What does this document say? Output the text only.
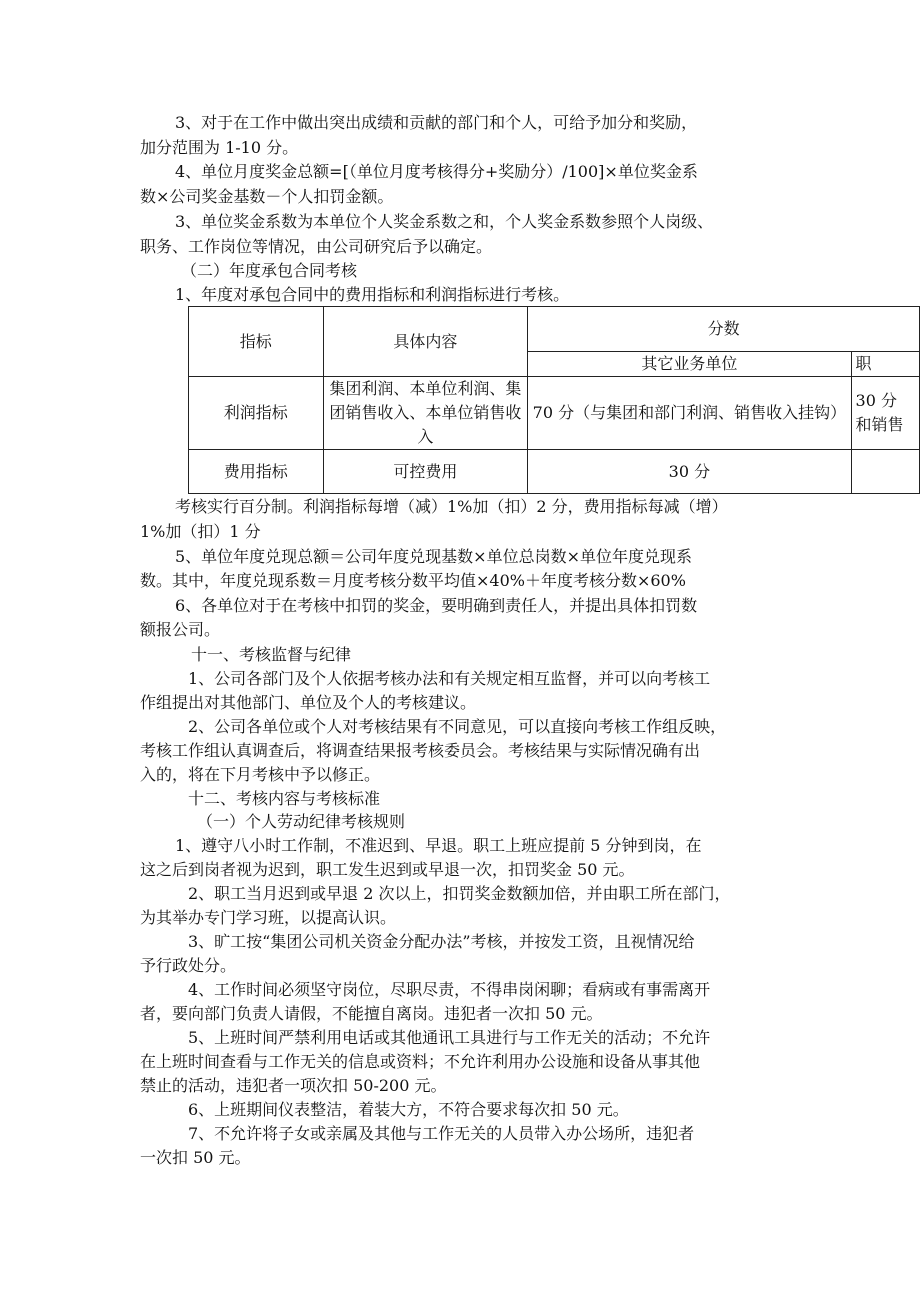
3、对于在工作中做出突出成绩和贡献的部门和个人，可给予加分和奖励，
加分范围为 1-10 分。
4、单位月度奖金总额=[（单位月度考核得分+奖励分）/100]×单位奖金系
数×公司奖金基数－个人扣罚金额。
3、单位奖金系数为本单位个人奖金系数之和，个人奖金系数参照个人岗级、
职务、工作岗位等情况，由公司研究后予以确定。
（二）年度承包合同考核
1、年度对承包合同中的费用指标和利润指标进行考核。
指标	具体内容	分数	
		其它业务单位	职
利润指标	集团利润、本单位利润、集团销售收入、本单位销售收入	70 分（与集团和部门利润、销售收入挂钩）	30 分
和销售
费用指标	可控费用	30 分	
考核实行百分制。利润指标每增（减）1%加（扣）2 分，费用指标每减（增）
1%加（扣）1 分
5、单位年度兑现总额＝公司年度兑现基数×单位总岗数×单位年度兑现系
数。其中，年度兑现系数＝月度考核分数平均值×40%＋年度考核分数×60%
6、各单位对于在考核中扣罚的奖金，要明确到责任人，并提出具体扣罚数
额报公司。
十一、考核监督与纪律
1、公司各部门及个人依据考核办法和有关规定相互监督，并可以向考核工
作组提出对其他部门、单位及个人的考核建议。
2、公司各单位或个人对考核结果有不同意见，可以直接向考核工作组反映，
考核工作组认真调查后，将调查结果报考核委员会。考核结果与实际情况确有出
入的，将在下月考核中予以修正。
十二、考核内容与考核标准
（一）个人劳动纪律考核规则
1、遵守八小时工作制，不准迟到、早退。职工上班应提前 5 分钟到岗，在
这之后到岗者视为迟到，职工发生迟到或早退一次，扣罚奖金 50 元。
2、职工当月迟到或早退 2 次以上，扣罚奖金数额加倍，并由职工所在部门，
为其举办专门学习班，以提高认识。
3、旷工按“集团公司机关资金分配办法”考核，并按发工资，且视情况给
予行政处分。
4、工作时间必须坚守岗位，尽职尽责，不得串岗闲聊；看病或有事需离开
者，要向部门负责人请假，不能擅自离岗。违犯者一次扣 50 元。
5、上班时间严禁利用电话或其他通讯工具进行与工作无关的活动；不允许
在上班时间查看与工作无关的信息或资料；不允许利用办公设施和设备从事其他
禁止的活动，违犯者一项次扣 50-200 元。
6、上班期间仪表整洁，着装大方，不符合要求每次扣 50 元。
7、不允许将子女或亲属及其他与工作无关的人员带入办公场所，违犯者
一次扣 50 元。
